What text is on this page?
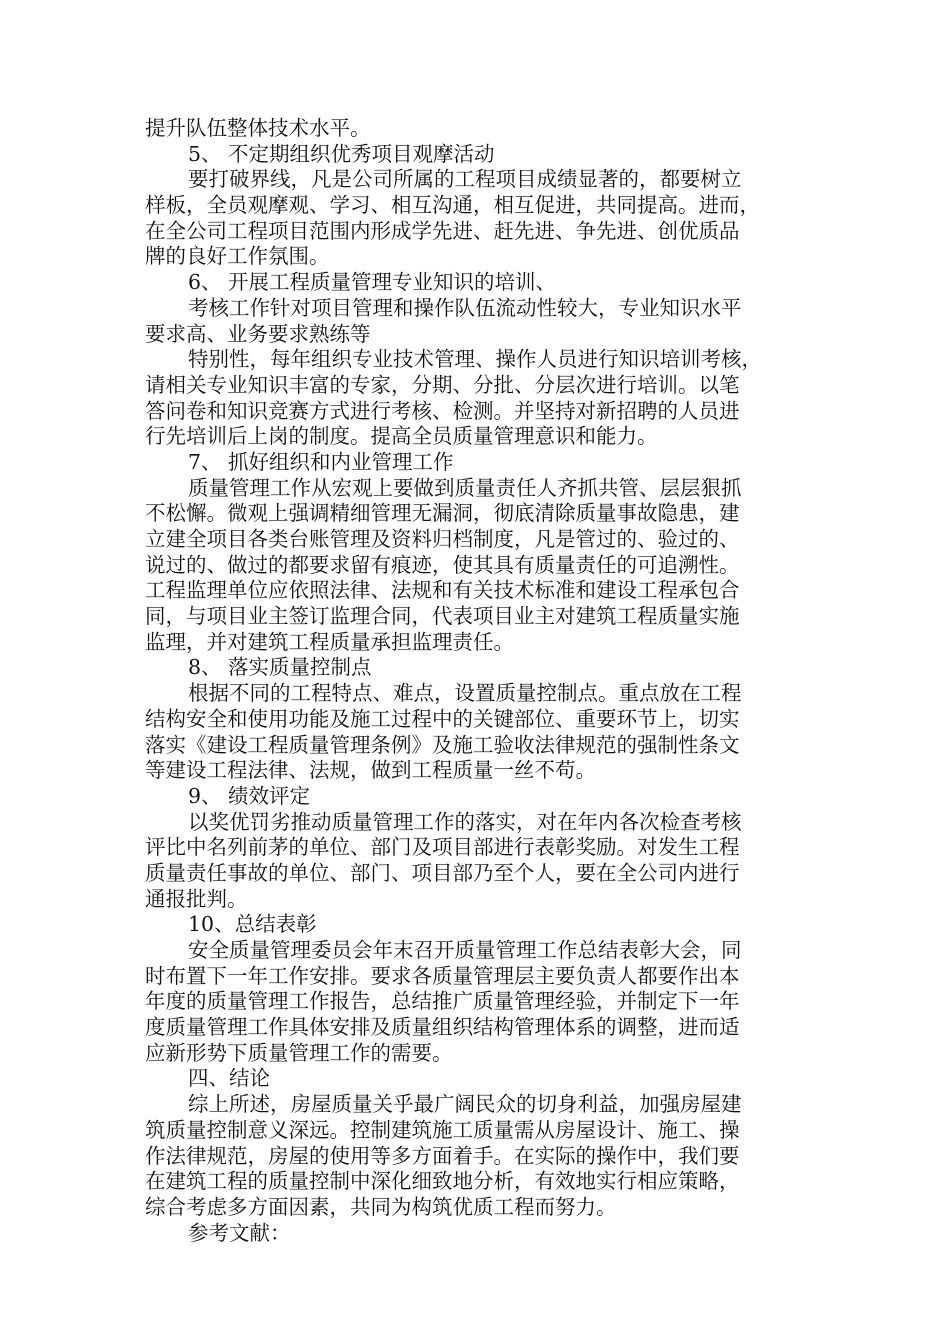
提升队伍整体技术水平。
5、 不定期组织优秀项目观摩活动
要打破界线，凡是公司所属的工程项目成绩显著的，都要树立
样板，全员观摩观、学习、相互沟通，相互促进，共同提高。进而，
在全公司工程项目范围内形成学先进、赶先进、争先进、创优质品
牌的良好工作氛围。
6、 开展工程质量管理专业知识的培训、
考核工作针对项目管理和操作队伍流动性较大，专业知识水平
要求高、业务要求熟练等
特别性，每年组织专业技术管理、操作人员进行知识培训考核，
请相关专业知识丰富的专家，分期、分批、分层次进行培训。以笔
答问卷和知识竞赛方式进行考核、检测。并坚持对新招聘的人员进
行先培训后上岗的制度。提高全员质量管理意识和能力。
7、 抓好组织和内业管理工作
质量管理工作从宏观上要做到质量责任人齐抓共管、层层狠抓
不松懈。微观上强调精细管理无漏洞，彻底清除质量事故隐患，建
立建全项目各类台账管理及资料归档制度，凡是管过的、验过的、
说过的、做过的都要求留有痕迹，使其具有质量责任的可追溯性。
工程监理单位应依照法律、法规和有关技术标准和建设工程承包合
同，与项目业主签订监理合同，代表项目业主对建筑工程质量实施
监理，并对建筑工程质量承担监理责任。
8、 落实质量控制点
根据不同的工程特点、难点，设置质量控制点。重点放在工程
结构安全和使用功能及施工过程中的关键部位、重要环节上，切实
落实《建设工程质量管理条例》及施工验收法律规范的强制性条文
等建设工程法律、法规，做到工程质量一丝不苟。
9、 绩效评定
以奖优罚劣推动质量管理工作的落实，对在年内各次检查考核
评比中名列前茅的单位、部门及项目部进行表彰奖励。对发生工程
质量责任事故的单位、部门、项目部乃至个人，要在全公司内进行
通报批判。
10、总结表彰
安全质量管理委员会年末召开质量管理工作总结表彰大会，同
时布置下一年工作安排。要求各质量管理层主要负责人都要作出本
年度的质量管理工作报告，总结推广质量管理经验，并制定下一年
度质量管理工作具体安排及质量组织结构管理体系的调整，进而适
应新形势下质量管理工作的需要。
四、结论
综上所述，房屋质量关乎最广阔民众的切身利益，加强房屋建
筑质量控制意义深远。控制建筑施工质量需从房屋设计、施工、操
作法律规范，房屋的使用等多方面着手。在实际的操作中，我们要
在建筑工程的质量控制中深化细致地分析，有效地实行相应策略，
综合考虑多方面因素，共同为构筑优质工程而努力。
参考文献：
